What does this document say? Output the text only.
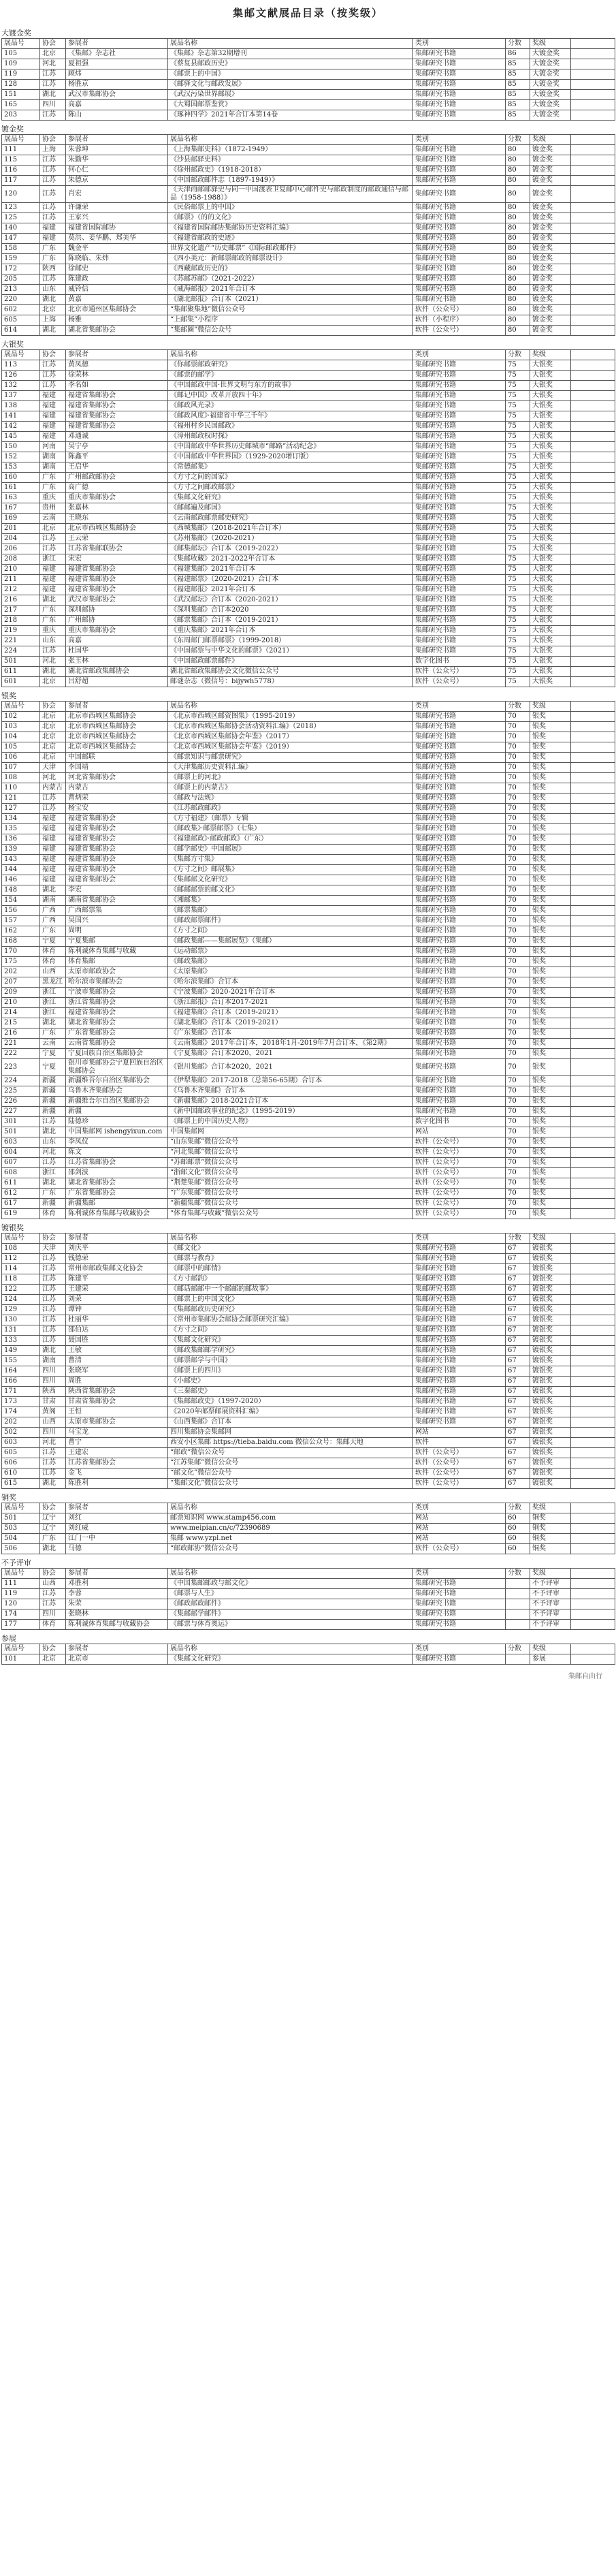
集邮文献展品目录（按奖级）
大镀金奖
展品号	协会	参展者	展品名称	类别	分数	奖级	
105	北京	《集邮》杂志社	《集邮》杂志第32期增刊	集邮研究书籍	86	大镀金奖	
109	河北	夏祖强	《蔡复县邮政历史》	集邮研究书籍	85	大镀金奖	
119	江苏	顾炜	《邮票上的中国》	集邮研究书籍	85	大镀金奖	
128	江苏	杨胜京	《邮驿文化与邮政发展》	集邮研究书籍	85	大镀金奖	
151	湖北	武汉市集邮协会	《武汉污染世界邮展》	集邮研究书籍	85	大镀金奖	
165	四川	高嘉	《大蜀国邮票鉴赏》	集邮研究书籍	85	大镀金奖	
203	江苏	陈山	《琢神四学》2021年合订本第14卷	集邮研究书籍	85	大镀金奖	
镀金奖
展品号	协会	参展者	展品名称	类别	分数	奖级	
111	上海	朱蓉坤	《上海集邮史料》（1872-1949）	集邮研究书籍	80	镀金奖	
115	江苏	朱勤华	《沙县邮驿史料》	集邮研究书籍	80	镀金奖	
116	江苏	何心仁	《徐州邮政史》（1918-2018）	集邮研究书籍	80	镀金奖	
117	江苏	朱德京	《中国邮政邮件志（1897-1949）》	集邮研究书籍	80	镀金奖	
120	江苏	肖宏	《天津商邮邮驿史与同一中国渡表卫复邮中心邮件史与邮政制度的邮政通信与邮品（1958-1988）》	集邮研究书籍	80	镀金奖	
123	江苏	许谦荣	《民俗邮票上的中国》	集邮研究书籍	80	镀金奖	
125	江苏	王家兴	《邮票》（的的文化》	集邮研究书籍	80	镀金奖	
140	福建	福建省国际邮协	《福建省国际邮协集邮协历史资料汇编》	集邮研究书籍	80	镀金奖	
147	福建	莫洪、姜华鹏、郑美华	《福建省邮政的史迹》	集邮研究书籍	80	镀金奖	
158	广东	魏金平	世界文化遗产“历史邮票”《国际邮政邮件》	集邮研究书籍	80	镀金奖	
159	广东	陈晓临、朱炜	《四小美元：新邮票邮政的邮票设计》	集邮研究书籍	80	镀金奖	
172	陕西	徐邮史	《西藏邮政历史的》	集邮研究书籍	80	镀金奖	
205	江苏	陈建政	《苏邮苏邮》（2021-2022）	集邮研究书籍	80	镀金奖	
213	山东	威铃信	《威海邮报》2021年合订本	集邮研究书籍	80	镀金奖	
220	湖北	黄嘉	《湖北邮报》合订本（2021）	集邮研究书籍	80	镀金奖	
602	北京	北京市通州区集邮协会	“集邮聚集地”微信公众号	软件（公众号）	80	镀金奖	
605	上海	杨雅	“上邮集”小程序	软件（小程序）	80	镀金奖	
614	湖北	湖北省集邮协会	“集邮圈”微信公众号	软件（公众号）	80	镀金奖	
大银奖
展品号	协会	参展者	展品名称	类别	分数	奖级	
113	江苏	黄凤德	《你邮票邮政研究》	集邮研究书籍	75	大银奖	
126	江苏	徐荣林	《邮票的邮学》	集邮研究书籍	75	大银奖	
132	江苏	李名如	《中国邮政中国·世界文明与东方的故事》	集邮研究书籍	75	大银奖	
137	福建	福建省集邮协会	《邮记中国》改革开放四十年》	集邮研究书籍	75	大银奖	
138	福建	福建省集邮协会	《邮政风光录》	集邮研究书籍	75	大银奖	
141	福建	福建省集邮协会	《邮政风度》·福建省中华三千年》	集邮研究书籍	75	大银奖	
142	福建	福建省集邮协会	《福州村乡民国邮政》	集邮研究书籍	75	大银奖	
145	福建	邓通诚	《漳州邮政权时探》	集邮研究书籍	75	大银奖	
150	河南	吴宁亭	《中国邮政中华世界历史邮城市“邮路”活动纪念》	集邮研究书籍	75	大银奖	
152	湖南	陈鑫平	《中国邮政中华世界国》（1929-2020增订版）	集邮研究书籍	75	大银奖	
153	湖南	王启华	《常德邮集》	集邮研究书籍	75	大银奖	
160	广东	广州邮政邮协会	《方寸之间的国家》	集邮研究书籍	75	大银奖	
161	广东	高广德	《方寸之间邮政邮票》	集邮研究书籍	75	大银奖	
163	重庆	重庆市集邮协会	《集邮文化研究》	集邮研究书籍	75	大银奖	
167	贵州	张嘉林	《邮邮遍及邮国》	集邮研究书籍	75	大银奖	
169	云南	王晓东	《云南邮政邮票邮史研究》	集邮研究书籍	75	大银奖	
201	北京	北京市西城区集邮协会	《西城集邮》（2018-2021年合订本）	集邮研究书籍	75	大银奖	
204	江苏	王云荣	《苏州集邮》（2020-2021）	集邮研究书籍	75	大银奖	
206	江苏	江苏省集邮联协会	《邮集邮坛》合订本（2019-2022）	集邮研究书籍	75	大银奖	
208	浙江	宋宏	《集邮收藏》2021-2022年合订本	集邮研究书籍	75	大银奖	
210	福建	福建省集邮协会	《福建集邮》2021年合订本	集邮研究书籍	75	大银奖	
211	福建	福建省集邮协会	《福建邮票》（2020-2021）合订本	集邮研究书籍	75	大银奖	
212	福建	福建省集邮协会	《福建邮报》2021年合订本	集邮研究书籍	75	大银奖	
216	湖北	武汉市集邮协会	《武汉邮坛》合订本（2020-2021）	集邮研究书籍	75	大银奖	
217	广东	深圳邮协	《深圳集邮》合订本2020	集邮研究书籍	75	大银奖	
218	广东	广州邮协	《邮票集邮》合订本（2019-2021）	集邮研究书籍	75	大银奖	
219	重庆	重庆市集邮协会	《重庆集邮》2021年合订本	集邮研究书籍	75	大银奖	
221	山东	高嘉	《东周邮门邮票邮票》（1999-2018）	集邮研究书籍	75	大银奖	
224	江苏	杜国华	《中国邮票与中华文化的邮票》（2021）	集邮研究书籍	75	大银奖	
501	河北	张玉林	《中国邮政邮票邮件》	数字化图书	75	大银奖	
611	湖北	湖北省邮政集邮协会	湖北省邮政集邮协会文化微信公众号	软件（公众号）	75	大银奖	
601	北京	吕舒超	邮谜杂志（微信号：bijywh5778）	软件（公众号）	75	大银奖	
银奖
展品号	协会	参展者	展品名称	类别	分数	奖级	
102	北京	北京市西城区集邮协会	《北京市西城区邮资图集》（1995-2019）	集邮研究书籍	70	银奖	
103	北京	北京市西城区集邮协会	《北京市西城区集邮协会活动资料汇编》（2018）	集邮研究书籍	70	银奖	
104	北京	北京市西城区集邮协会	《北京市西城区集邮协会年鉴》（2017）	集邮研究书籍	70	银奖	
105	北京	北京市西城区集邮协会	《北京市西城区集邮协会年鉴》（2019）	集邮研究书籍	70	银奖	
106	北京	中国邮联	《邮票知识与邮票研究》	集邮研究书籍	70	银奖	
107	天津	李国靖	《天津集邮历史资料汇编》	集邮研究书籍	70	银奖	
108	河北	河北省集邮协会	《邮票上的河北》	集邮研究书籍	70	银奖	
110	内蒙古	内蒙古	《邮票上的内蒙古》	集邮研究书籍	70	银奖	
121	江苏	曹炳荣	《邮政与法规》	集邮研究书籍	70	银奖	
127	江苏	杨宝安	《江苏邮政邮政》	集邮研究书籍	70	银奖	
134	福建	福建省集邮协会	《方寸福建》（邮票）专辑	集邮研究书籍	70	银奖	
135	福建	福建省集邮协会	《邮政集》·邮票邮票》（七集）	集邮研究书籍	70	银奖	
136	福建	福建省集邮协会	《福建邮政》·邮政邮政》（广东）	集邮研究书籍	70	银奖	
139	福建	福建省集邮协会	《邮学邮史》中国邮展》	集邮研究书籍	70	银奖	
143	福建	福建省集邮协会	《集邮方寸集》	集邮研究书籍	70	银奖	
144	福建	福建省集邮协会	《方寸之间》邮展集》	集邮研究书籍	70	银奖	
146	福建	福建省集邮协会	《集邮邮文化研究》	集邮研究书籍	70	银奖	
148	湖北	李宏	《邮邮邮票的邮文化》	集邮研究书籍	70	银奖	
154	湖南	湖南省集邮协会	《湘邮集》	集邮研究书籍	70	银奖	
156	广西	广西邮票集	《邮票集邮》	集邮研究书籍	70	银奖	
157	广西	吴国兴	《邮政邮票邮件》	集邮研究书籍	70	银奖	
162	广东	尚明	《方寸之间》	集邮研究书籍	70	银奖	
168	宁夏	宁夏集邮	《邮政集邮——集邮展览》（集邮）	集邮研究书籍	70	银奖	
170	体育	陈利诚体育集邮与收藏	《运动邮票》	集邮研究书籍	70	银奖	
175	体育	体育集邮	《邮政集邮》	集邮研究书籍	70	银奖	
202	山西	太原市邮政协会	《太原集邮》	集邮研究书籍	70	银奖	
207	黑龙江	哈尔滨市集邮协会	《哈尔滨集邮》合订本	集邮研究书籍	70	银奖	
209	浙江	宁波市集邮协会	《宁波集邮》2020-2021年合订本	集邮研究书籍	70	银奖	
210	浙江	浙江省集邮协会	《浙江邮报》合订本2017-2021	集邮研究书籍	70	银奖	
214	浙江	福建省集邮协会	《福建集邮》合订本（2019-2021）	集邮研究书籍	70	银奖	
215	湖北	湖北省集邮协会	《湖北集邮》合订本（2019-2021）	集邮研究书籍	70	银奖	
216	广东	广东省集邮协会	《广东集邮》合订本	集邮研究书籍	70	银奖	
221	云南	云南省集邮协会	《云南集邮》2017年合订本，2018年1月-2019年7月合订本，《第2期》	集邮研究书籍	70	银奖	
222	宁夏	宁夏回族自治区集邮协会	《宁夏集邮》合订本2020，2021	集邮研究书籍	70	银奖	
223	宁夏	银川市集邮协会宁夏回族自治区集邮协会	《银川集邮》合订本2020，2021	集邮研究书籍	70	银奖	
224	新疆	新疆维吾尔自治区集邮协会	《伊犁集邮》2017-2018（总第56-65期）合订本	集邮研究书籍	70	银奖	
225	新疆	乌鲁木齐集邮协会	《乌鲁木齐集邮》合订本	集邮研究书籍	70	银奖	
226	新疆	新疆维吾尔自治区集邮协会	《新疆集邮》2018-2021合订本	集邮研究书籍	70	银奖	
227	新疆	新疆	《新中国邮政事业的纪念》（1995-2019）	集邮研究书籍	70	银奖	
301	江苏	陆德珍	《邮票上的中国历史人物》	数字化图书	70	银奖	
501	湖北	中国集邮网 ishengyixun.com	中国集邮网	网站	70	银奖	
603	山东	李凤仪	“山东集邮”微信公众号	软件（公众号）	70	银奖	
604	河北	陈文	“河北集邮”微信公众号	软件（公众号）	70	银奖	
607	江苏	江苏省集邮协会	“苏邮邮票”微信公众号	软件（公众号）	70	银奖	
608	浙江	邵剑波	“浙邮文化”微信公众号	软件（公众号）	70	银奖	
611	湖北	湖北省集邮协会	“荆楚集邮”微信公众号	软件（公众号）	70	银奖	
612	广东	广东省集邮协会	“广东集邮”微信公众号	软件（公众号）	70	银奖	
617	新疆	新疆集邮	“新疆集邮”微信公众号	软件（公众号）	70	银奖	
619	体育	陈利诚体育集邮与收藏协会	“体育集邮与收藏”微信公众号	软件（公众号）	70	银奖	
镀银奖
展品号	协会	参展者	展品名称	类别	分数	奖级	
108	天津	刘庆平	《邮文化》	集邮研究书籍	67	镀银奖	
112	江苏	钱德荣	《邮票与教育》	集邮研究书籍	67	镀银奖	
114	江苏	常州市邮政集邮文化协会	《邮票中的邮情》	集邮研究书籍	67	镀银奖	
118	江苏	陈建平	《方寸邮韵》	集邮研究书籍	67	镀银奖	
122	江苏	王建荣	《邮话邮邮中一个邮邮的邮故事》	集邮研究书籍	67	镀银奖	
124	江苏	刘荣	《邮票上的中国文化》	集邮研究书籍	67	镀银奖	
129	江苏	谭钟	《集邮邮政历史研究》	集邮研究书籍	67	镀银奖	
130	江苏	杜丽华	《常州市集邮协会邮协会邮票研究汇编》	集邮研究书籍	67	镀银奖	
131	江苏	邵伯达	《方寸之间》	集邮研究书籍	67	镀银奖	
133	江苏	聂国胜	《集邮文化研究》	集邮研究书籍	67	镀银奖	
149	湖北	王敏	《邮政集邮邮学研究》	集邮研究书籍	67	镀银奖	
155	湖南	曹清	《邮票邮学与中国》	集邮研究书籍	67	镀银奖	
164	四川	张晓军	《邮票上的四川》	集邮研究书籍	67	镀银奖	
166	四川	周胜	《小邮史》	集邮研究书籍	67	镀银奖	
171	陕西	陕西省集邮协会	《三秦邮史》	集邮研究书籍	67	镀银奖	
173	甘肃	甘肃省集邮协会	《集邮邮政史》（1997-2020）	集邮研究书籍	67	镀银奖	
174	黄阁	王恒	《2020年邮票邮展资料汇编》	集邮研究书籍	67	镀银奖	
202	山西	太原市集邮协会	《山西集邮》合订本	集邮研究书籍	67	镀银奖	
502	四川	马宝龙	四川集邮协会集邮网	网站	67	镀银奖	
603	河北	曹宁	西安小区集邮 https://tieba.baidu.com 微信公众号：集邮天地	软件	67	镀银奖	
605	江苏	王建宏	“邮政”微信公众号	软件（公众号）	67	镀银奖	
606	江苏	江苏省集邮协会	“江苏集邮”微信公众号	软件（公众号）	67	镀银奖	
610	江苏	金飞	“邮文化”微信公众号	软件（公众号）	67	镀银奖	
615	湖北	陈胜利	“集邮文化”微信公众号	软件（公众号）	67	镀银奖	
铜奖
展品号	协会	参展者	展品名称	类别	分数	奖级	
501	辽宁	刘红	邮票知识网 www.stamp456.com	网站	60	铜奖	
503	辽宁	刘红威	www.meipian.cn/c/72390689	网站	60	铜奖	
504	广东	江门一中	集邮 www.yzpl.net	网站	60	铜奖	
506	湖北	马德	“邮政邮协”微信公众号	软件（公众号）	60	铜奖	
不予评审
展品号	协会	参展者	展品名称	类别	分数	奖级	
111	山西	邓胜利	《中国集邮邮政与邮文化》	集邮研究书籍		不予评审	
119	江苏	李蓉	《邮票与人生》	集邮研究书籍		不予评审	
120	江苏	朱荣	《邮政邮政邮件》	集邮研究书籍		不予评审	
174	四川	张晓林	《集邮邮学邮件》	集邮研究书籍		不予评审	
177	体育	陈利诚体育集邮与收藏协会	《邮票与体育奥运》	集邮研究书籍		不予评审	
参展
展品号	协会	参展者	展品名称	类别	分数	奖级	
101	北京	北京市	《集邮文化研究》	集邮研究书籍		参展	
集邮自由行
